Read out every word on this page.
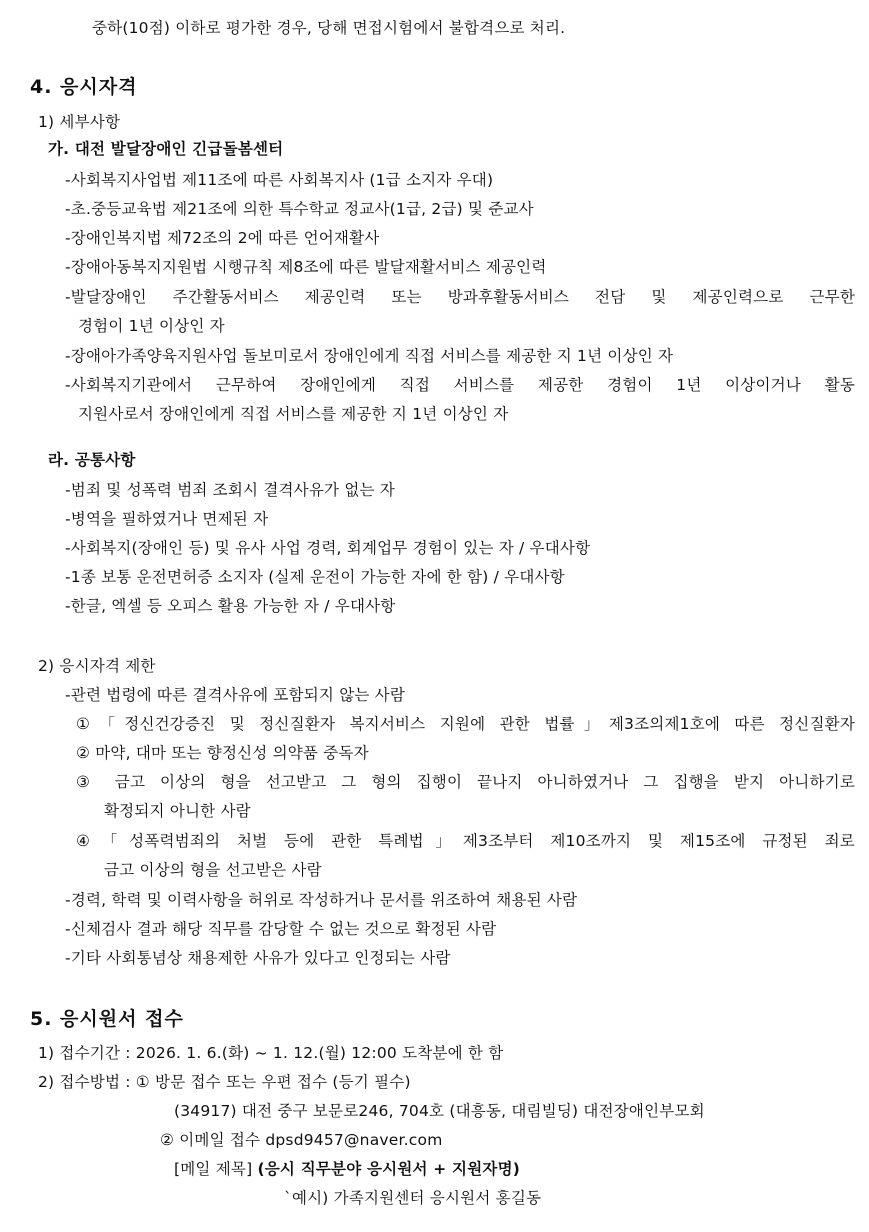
중하(10점) 이하로 평가한 경우, 당해 면접시험에서 불합격으로 처리.
4. 응시자격
1) 세부사항
가. 대전 발달장애인 긴급돌봄센터
-사회복지사업법 제11조에 따른 사회복지사 (1급 소지자 우대)
-초.중등교육법 제21조에 의한 특수학교 정교사(1급, 2급) 및 준교사
-장애인복지법 제72조의 2에 따른 언어재활사
-장애아동복지지원법 시행규칙 제8조에 따른 발달재활서비스 제공인력
-발달장애인 주간활동서비스 제공인력 또는 방과후활동서비스 전담 및 제공인력으로 근무한
경험이 1년 이상인 자
-장애아가족양육지원사업 돌보미로서 장애인에게 직접 서비스를 제공한 지 1년 이상인 자
-사회복지기관에서 근무하여 장애인에게 직접 서비스를 제공한 경험이 1년 이상이거나 활동
지원사로서 장애인에게 직접 서비스를 제공한 지 1년 이상인 자
라. 공통사항
-범죄 및 성폭력 범죄 조회시 결격사유가 없는 자
-병역을 필하였거나 면제된 자
-사회복지(장애인 등) 및 유사 사업 경력, 회계업무 경험이 있는 자 / 우대사항
-1종 보통 운전면허증 소지자 (실제 운전이 가능한 자에 한 함) / 우대사항
-한글, 엑셀 등 오피스 활용 가능한 자 / 우대사항
2) 응시자격 제한
-관련 법령에 따른 결격사유에 포함되지 않는 사람
①「정신건강증진 및 정신질환자 복지서비스 지원에 관한 법률」제3조의제1호에 따른 정신질환자
② 마약, 대마 또는 향정신성 의약품 중독자
③ 금고 이상의 형을 선고받고 그 형의 집행이 끝나지 아니하였거나 그 집행을 받지 아니하기로
확정되지 아니한 사람
④「성폭력범죄의 처벌 등에 관한 특례법」제3조부터 제10조까지 및 제15조에 규정된 죄로
금고 이상의 형을 선고받은 사람
-경력, 학력 및 이력사항을 허위로 작성하거나 문서를 위조하여 채용된 사람
-신체검사 결과 해당 직무를 감당할 수 없는 것으로 확정된 사람
-기타 사회통념상 채용제한 사유가 있다고 인정되는 사람
5. 응시원서 접수
1) 접수기간 : 2026. 1. 6.(화) ~ 1. 12.(월) 12:00 도착분에 한 함
2) 접수방법 : ① 방문 접수 또는 우편 접수 (등기 필수)
(34917) 대전 중구 보문로246, 704호 (대흥동, 대림빌딩) 대전장애인부모회
② 이메일 접수 dpsd9457@naver.com
[메일 제목] (응시 직무분야 응시원서 + 지원자명)
`예시) 가족지원센터 응시원서 홍길동
